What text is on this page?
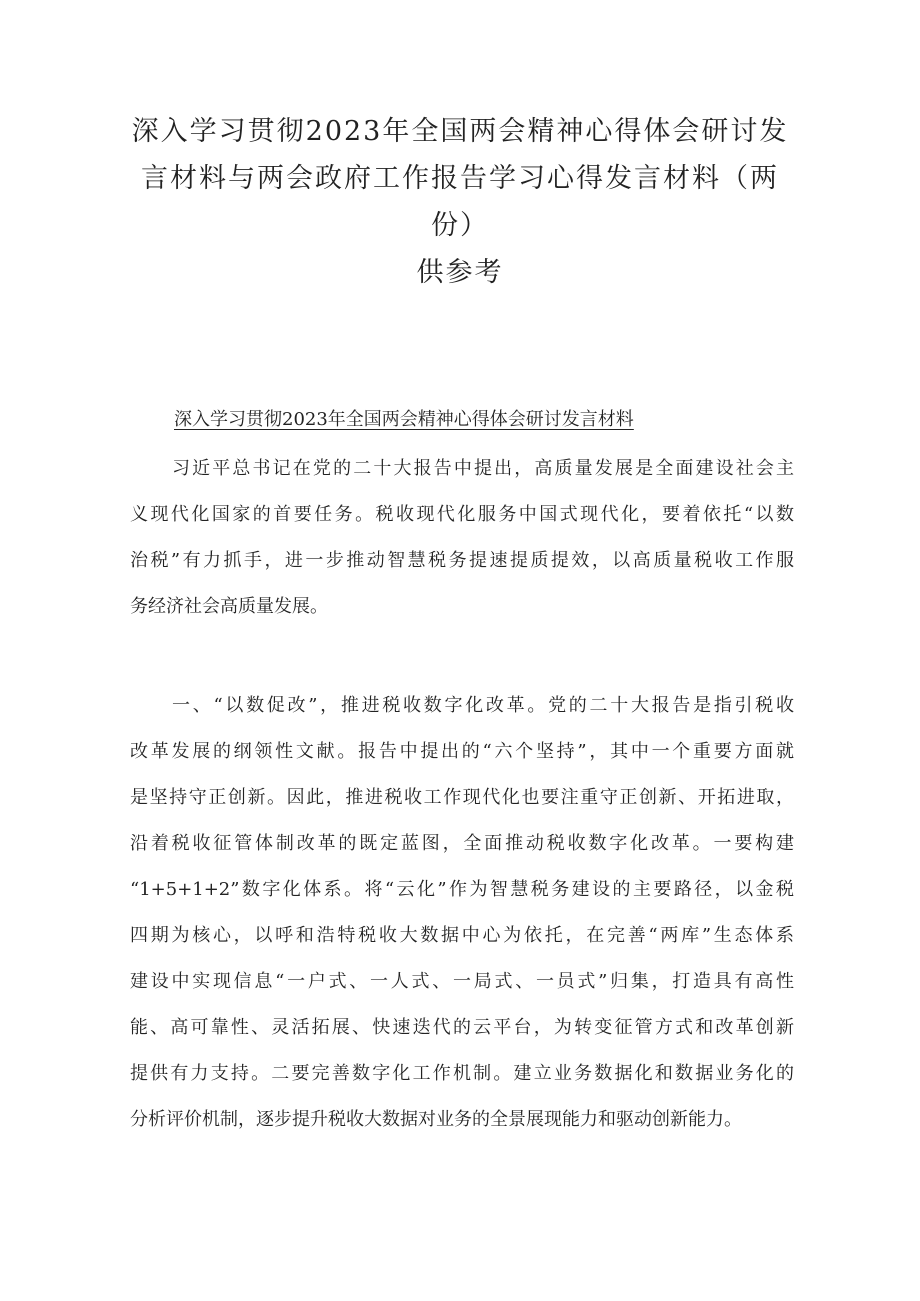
深入学习贯彻2023年全国两会精神心得体会研讨发
言材料与两会政府工作报告学习心得发言材料（两
份）
供参考
深入学习贯彻2023年全国两会精神心得体会研讨发言材料
习近平总书记在党的二十大报告中提出，高质量发展是全面建设社会主
义现代化国家的首要任务。税收现代化服务中国式现代化，要着依托“以数
治税”有力抓手，进一步推动智慧税务提速提质提效，以高质量税收工作服
务经济社会高质量发展。
一、“以数促改”，推进税收数字化改革。党的二十大报告是指引税收
改革发展的纲领性文献。报告中提出的“六个坚持”，其中一个重要方面就
是坚持守正创新。因此，推进税收工作现代化也要注重守正创新、开拓进取，
沿着税收征管体制改革的既定蓝图，全面推动税收数字化改革。一要构建
“1+5+1+2”数字化体系。将“云化”作为智慧税务建设的主要路径，以金税
四期为核心，以呼和浩特税收大数据中心为依托，在完善“两库”生态体系
建设中实现信息“一户式、一人式、一局式、一员式”归集，打造具有高性
能、高可靠性、灵活拓展、快速迭代的云平台，为转变征管方式和改革创新
提供有力支持。二要完善数字化工作机制。建立业务数据化和数据业务化的
分析评价机制，逐步提升税收大数据对业务的全景展现能力和驱动创新能力。
